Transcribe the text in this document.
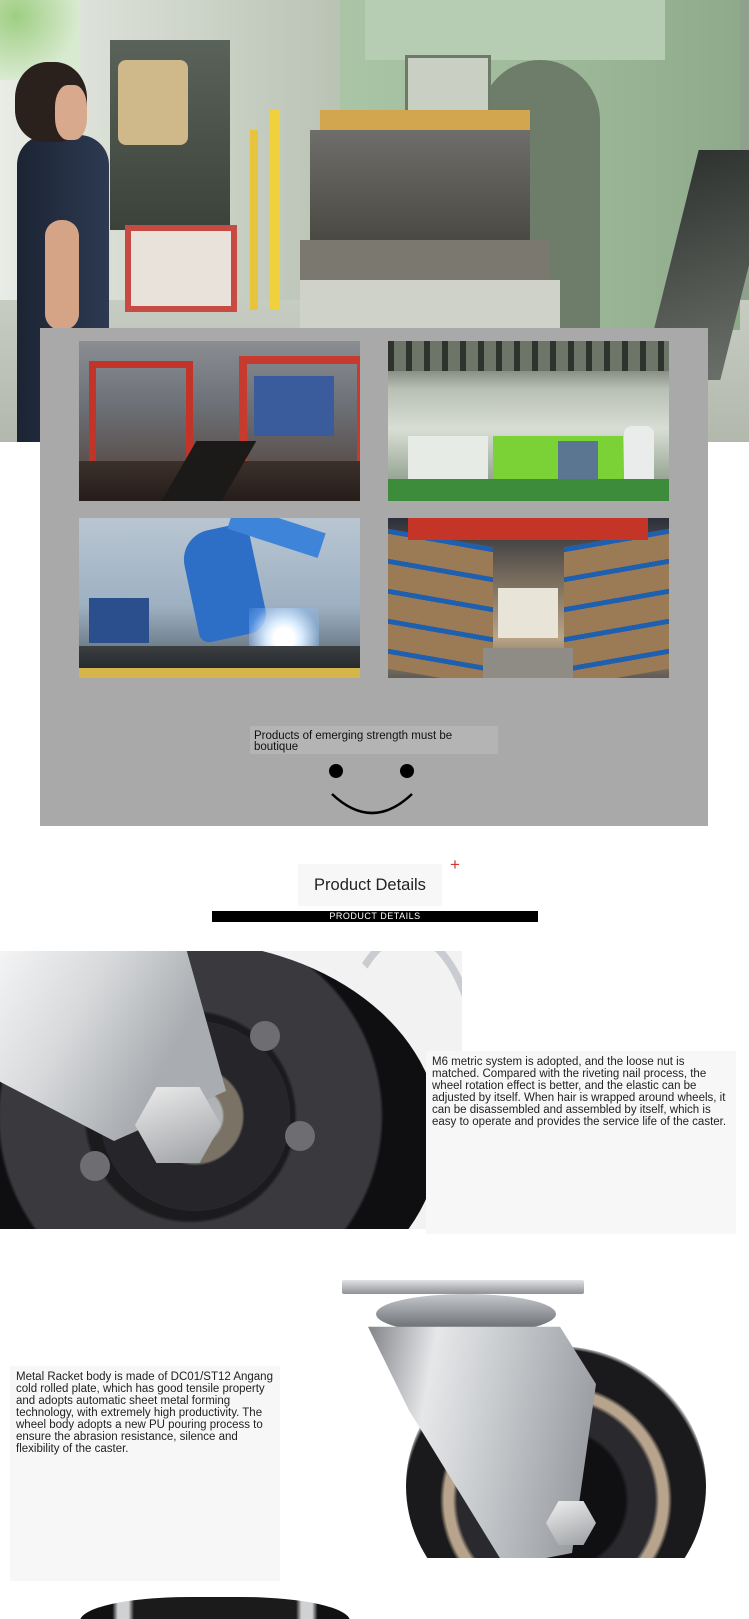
Products of emerging strength must be boutique
Product Details
+
PRODUCT DETAILS
M6 metric system is adopted, and the loose nut is matched. Compared with the riveting nail process, the wheel rotation effect is better, and the elastic can be adjusted by itself. When hair is wrapped around wheels, it can be disassembled and assembled by itself, which is easy to operate and provides the service life of the caster.
Metal Racket body is made of DC01/ST12 Angang cold rolled plate, which has good tensile property and adopts automatic sheet metal forming technology, with extremely high productivity. The wheel body adopts a new PU pouring process to ensure the abrasion resistance, silence and flexibility of the caster.
